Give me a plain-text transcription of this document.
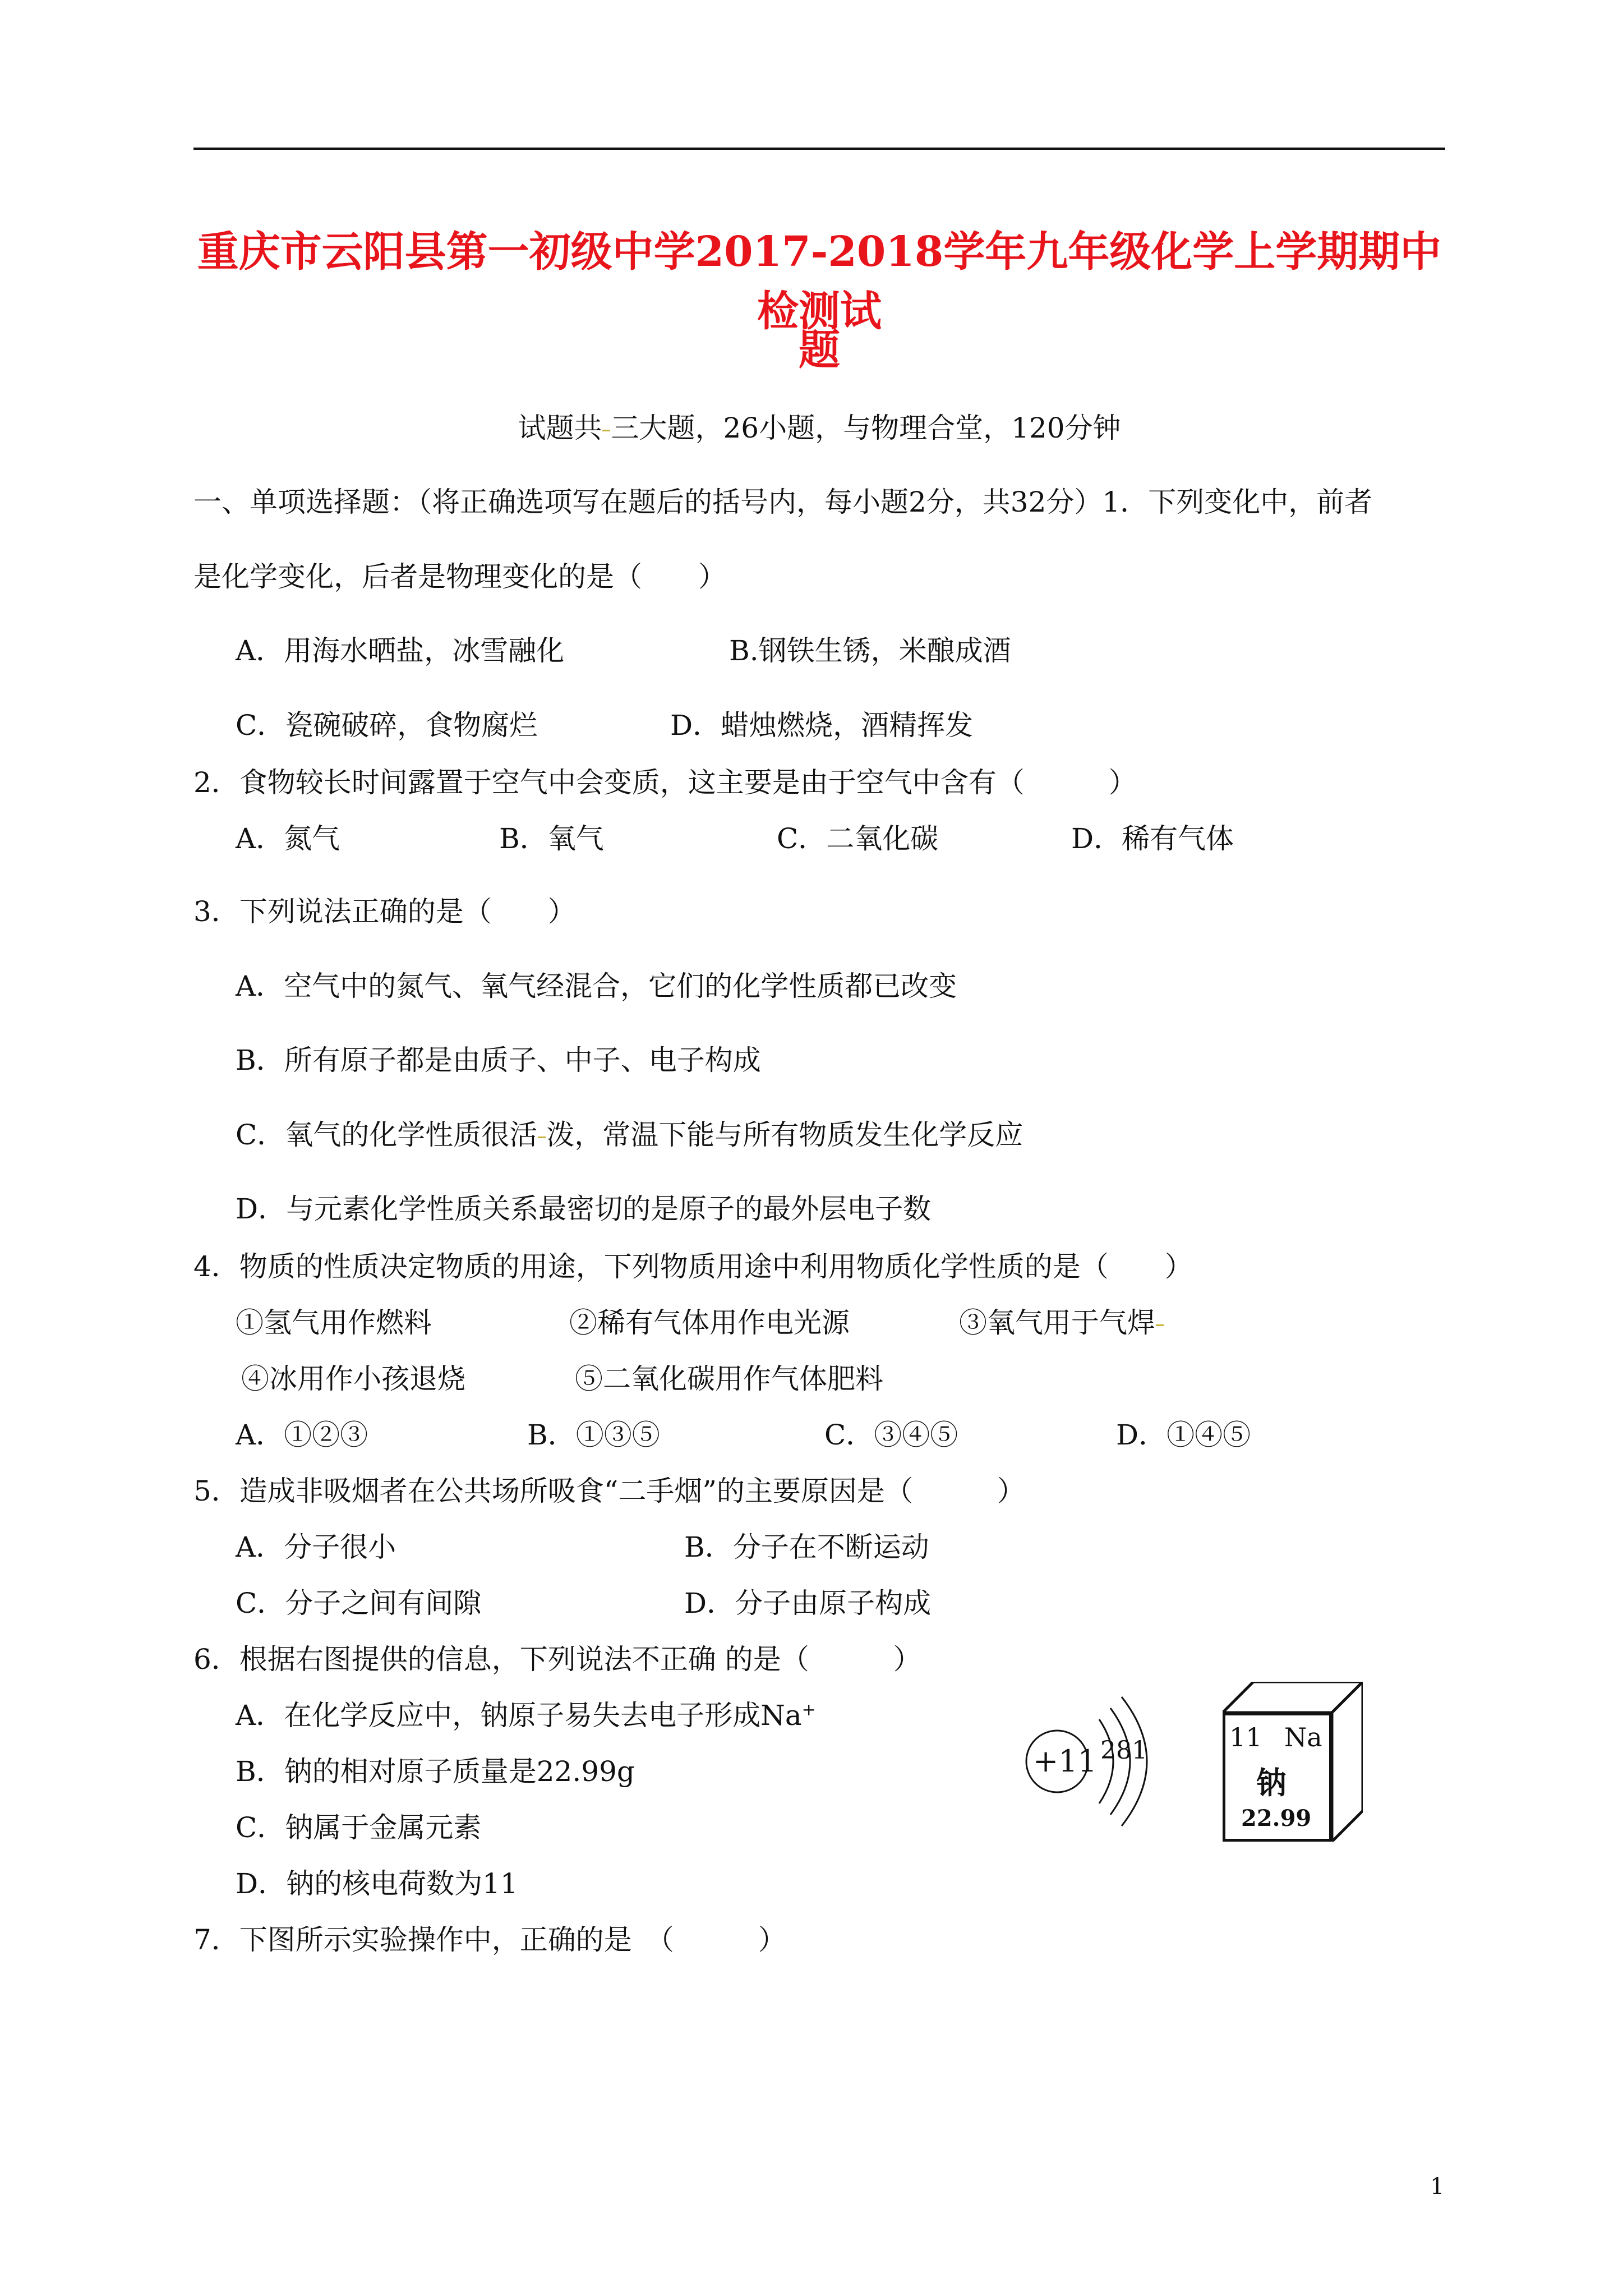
重庆市云阳县第一初级中学2017-2018学年九年级化学上学期期中检测试
题
试题共 三大题，26小题，与物理合堂，120分钟
一、单项选择题：（将正确选项写在题后的括号内，每小题2分，共32分）1．下列变化中，前者
是化学变化，后者是物理变化的是（　　）
A．用海水晒盐，冰雪融化	B.钢铁生锈，米酿成酒
C．瓷碗破碎，食物腐烂	D．蜡烛燃烧，酒精挥发
2．食物较长时间露置于空气中会变质，这主要是由于空气中含有（　　　）
A．氮气	B．氧气	C．二氧化碳	D．稀有气体
3．下列说法正确的是（　　）
A．空气中的氮气、氧气经混合，它们的化学性质都已改变
B．所有原子都是由质子、中子、电子构成
C．氧气的化学性质很活 泼，常温下能与所有物质发生化学反应
D．与元素化学性质关系最密切的是原子的最外层电子数
4．物质的性质决定物质的用途，下列物质用途中利用物质化学性质的是（　　）
①氢气用作燃料	②稀有气体用作电光源	③氧气用于气焊
④冰用作小孩退烧	⑤二氧化碳用作气体肥料
A．①②③	B．①③⑤	C．③④⑤	D．①④⑤
5．造成非吸烟者在公共场所吸食“二手烟”的主要原因是（　　　）
A．分子很小	B．分子在不断运动
C．分子之间有间隙	D．分子由原子构成
6．根据右图提供的信息，下列说法不正确 的是（　　　）
A．在化学反应中，钠原子易失去电子形成Na+
B．钠的相对原子质量是22.99g
C．钠属于金属元素
D．钠的核电荷数为11
+11 281	11 Na
钠
22.99
7．下图所示实验操作中，正确的是　（　　　）
1
